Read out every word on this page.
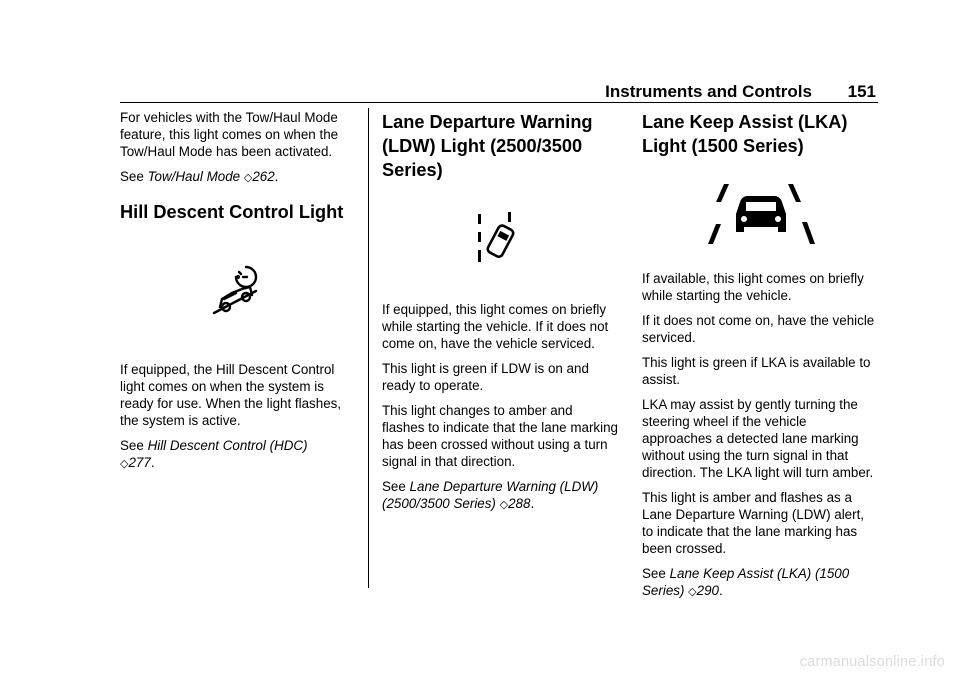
Instruments and Controls 151

For vehicles with the Tow/Haul Mode feature, this light comes on when the Tow/Haul Mode has been activated.

See Tow/Haul Mode ◇262.

Hill Descent Control Light

If equipped, the Hill Descent Control light comes on when the system is ready for use. When the light flashes, the system is active.

See Hill Descent Control (HDC)
◇277.

Lane Departure Warning (LDW) Light (2500/3500 Series)

If equipped, this light comes on briefly while starting the vehicle. If it does not come on, have the vehicle serviced.

This light is green if LDW is on and ready to operate.

This light changes to amber and flashes to indicate that the lane marking has been crossed without using a turn signal in that direction.

See Lane Departure Warning (LDW) (2500/3500 Series) ◇288.

Lane Keep Assist (LKA) Light (1500 Series)

If available, this light comes on briefly while starting the vehicle.

If it does not come on, have the vehicle serviced.

This light is green if LKA is available to assist.

LKA may assist by gently turning the steering wheel if the vehicle approaches a detected lane marking without using the turn signal in that direction. The LKA light will turn amber.

This light is amber and flashes as a Lane Departure Warning (LDW) alert, to indicate that the lane marking has been crossed.

See Lane Keep Assist (LKA) (1500 Series) ◇290.

carmanualsonline.info
